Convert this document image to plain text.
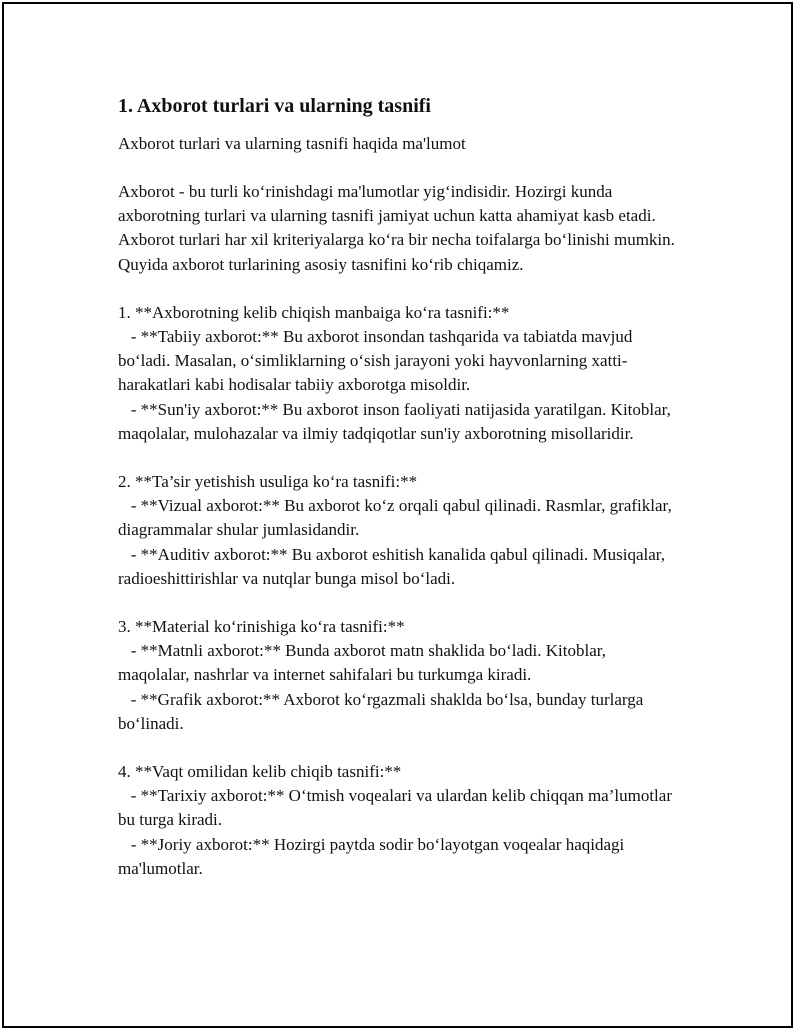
1. Axborot turlari va ularning tasnifi

Axborot turlari va ularning tasnifi haqida ma'lumot

Axborot - bu turli ko‘rinishdagi ma'lumotlar yig‘indisidir. Hozirgi kunda axborotning turlari va ularning tasnifi jamiyat uchun katta ahamiyat kasb etadi. Axborot turlari har xil kriteriyalarga ko‘ra bir necha toifalarga bo‘linishi mumkin. Quyida axborot turlarining asosiy tasnifini ko‘rib chiqamiz.

1. **Axborotning kelib chiqish manbaiga ko‘ra tasnifi:**

- **Tabiiy axborot:** Bu axborot insondan tashqarida va tabiatda mavjud bo‘ladi. Masalan, o‘simliklarning o‘sish jarayoni yoki hayvonlarning xatti-harakatlari kabi hodisalar tabiiy axborotga misoldir.

- **Sun'iy axborot:** Bu axborot inson faoliyati natijasida yaratilgan. Kitoblar, maqolalar, mulohazalar va ilmiy tadqiqotlar sun'iy axborotning misollaridir.

2. **Ta’sir yetishish usuliga ko‘ra tasnifi:**

- **Vizual axborot:** Bu axborot ko‘z orqali qabul qilinadi. Rasmlar, grafiklar, diagrammalar shular jumlasidandir.

- **Auditiv axborot:** Bu axborot eshitish kanalida qabul qilinadi. Musiqalar, radioeshittirishlar va nutqlar bunga misol bo‘ladi.

3. **Material ko‘rinishiga ko‘ra tasnifi:**

- **Matnli axborot:** Bunda axborot matn shaklida bo‘ladi. Kitoblar, maqolalar, nashrlar va internet sahifalari bu turkumga kiradi.

- **Grafik axborot:** Axborot ko‘rgazmali shaklda bo‘lsa, bunday turlarga bo‘linadi.

4. **Vaqt omilidan kelib chiqib tasnifi:**

- **Tarixiy axborot:** O‘tmish voqealari va ulardan kelib chiqqan ma’lumotlar bu turga kiradi.

- **Joriy axborot:** Hozirgi paytda sodir bo‘layotgan voqealar haqidagi ma'lumotlar.
